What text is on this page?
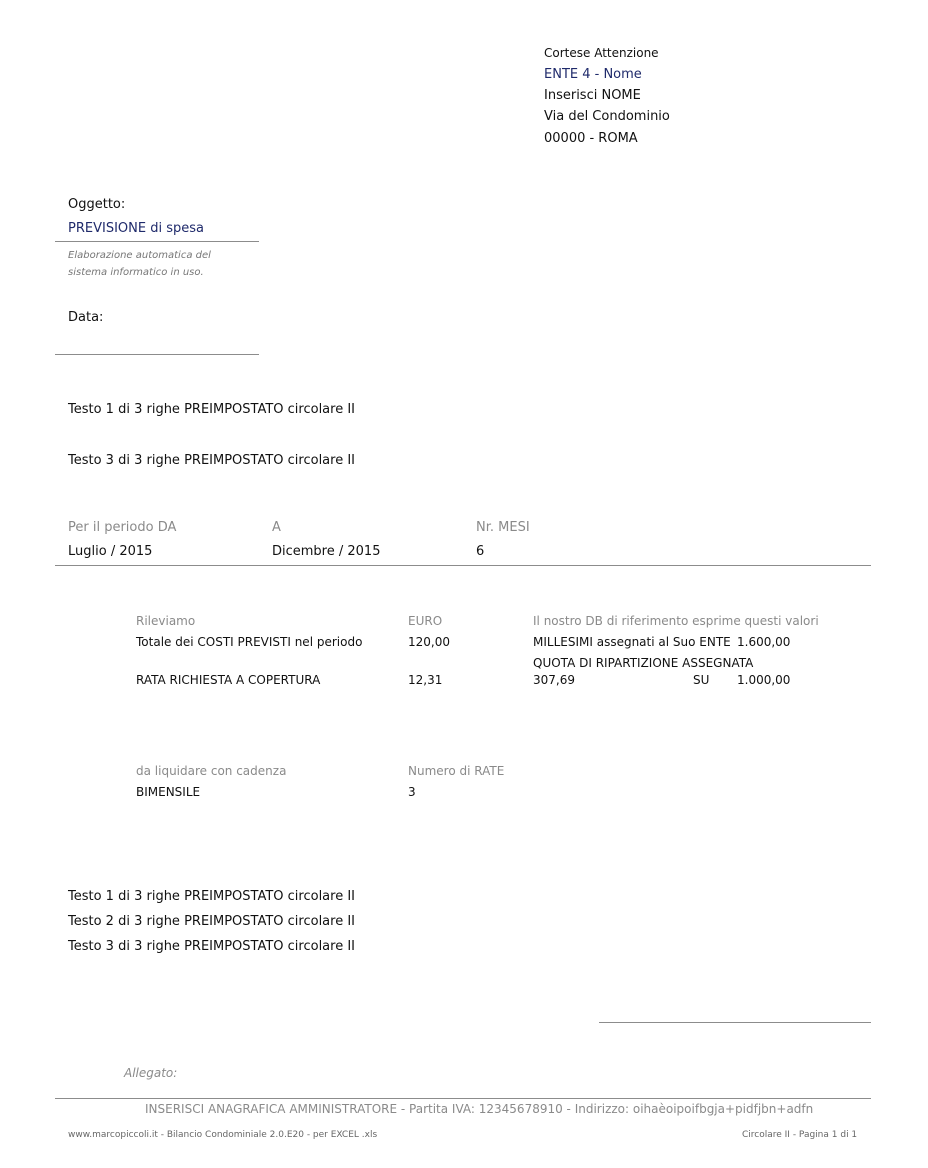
Cortese Attenzione
ENTE 4 - Nome
Inserisci NOME
Via del Condominio
00000 - ROMA
Oggetto:
PREVISIONE di spesa
Elaborazione automatica del sistema informatico in uso.
Data:
Testo 1 di 3 righe PREIMPOSTATO circolare II
Testo 3 di 3 righe PREIMPOSTATO circolare II
Per il periodo DA	A	Nr. MESI
Luglio / 2015	Dicembre / 2015	6
Rileviamo	EURO	Il nostro DB di riferimento esprime questi valori
Totale dei COSTI PREVISTI nel periodo	120,00	MILLESIMI assegnati al Suo ENTE 1.600,00
QUOTA DI RIPARTIZIONE ASSEGNATA
RATA RICHIESTA A COPERTURA	12,31	307,69	SU 1.000,00
da liquidare con cadenza	Numero di RATE
BIMENSILE	3
Testo 1 di 3 righe PREIMPOSTATO circolare II
Testo 2 di 3 righe PREIMPOSTATO circolare II
Testo 3 di 3 righe PREIMPOSTATO circolare II
Allegato:
INSERISCI ANAGRAFICA AMMINISTRATORE - Partita IVA: 12345678910 - Indirizzo: oihaèoipoifbgja+pidfjbn+adfn
www.marcopiccoli.it - Bilancio Condominiale 2.0.E20 - per EXCEL .xls	Circolare II - Pagina 1 di 1
